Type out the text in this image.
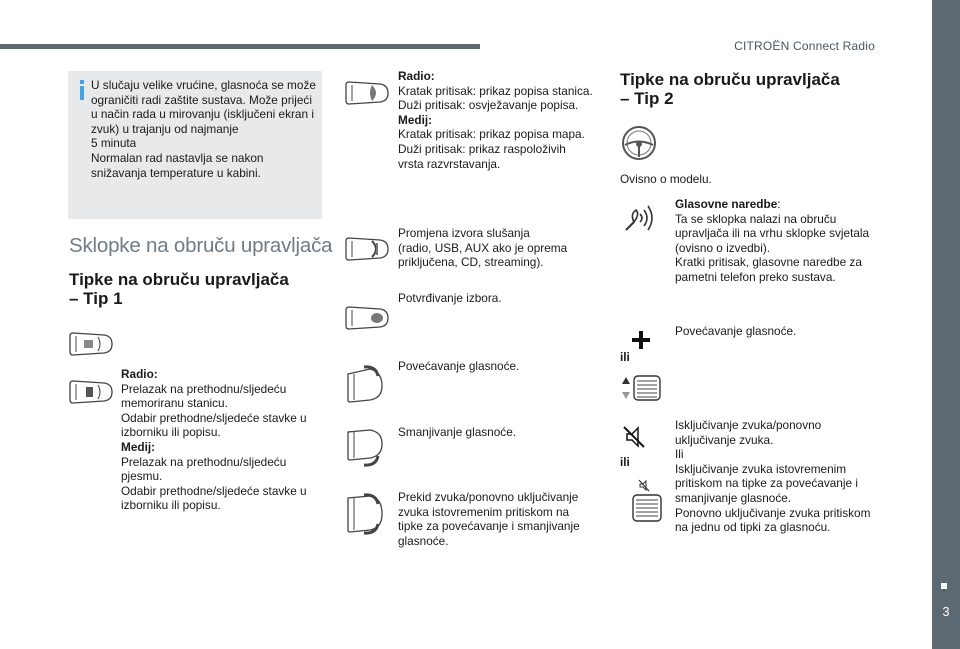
CITROËN Connect Radio
3
U slučaju velike vrućine, glasnoća se može ograničiti radi zaštite sustava. Može prijeći u način rada u mirovanju (isključeni ekran i zvuk) u trajanju od najmanje
5 minuta
Normalan rad nastavlja se nakon snižavanja temperature u kabini.
Sklopke na obruču upravljača
Tipke na obruču upravljača
– Tip 1
Radio:
Prelazak na prethodnu/sljedeću memoriranu stanicu.
Odabir prethodne/sljedeće stavke u izborniku ili popisu.
Medij:
Prelazak na prethodnu/sljedeću pjesmu.
Odabir prethodne/sljedeće stavke u izborniku ili popisu.
Radio:
Kratak pritisak: prikaz popisa stanica.
Duži pritisak: osvježavanje popisa.
Medij:
Kratak pritisak: prikaz popisa mapa.
Duži pritisak: prikaz raspoloživih vrsta razvrstavanja.
Promjena izvora slušanja
(radio, USB, AUX ako je oprema priključena, CD, streaming).
Potvrđivanje izbora.
Povećavanje glasnoće.
Smanjivanje glasnoće.
Prekid zvuka/ponovno uključivanje zvuka istovremenim pritiskom na tipke za povećavanje i smanjivanje glasnoće.
Tipke na obruču upravljača
– Tip 2
Ovisno o modelu.
Glasovne naredbe:
Ta se sklopka nalazi na obruču upravljača ili na vrhu sklopke svjetala (ovisno o izvedbi).
Kratki pritisak, glasovne naredbe za pametni telefon preko sustava.
Povećavanje glasnoće.
ili
ili
Isključivanje zvuka/ponovno uključivanje zvuka.
Ili
Isključivanje zvuka istovremenim pritiskom na tipke za povećavanje i smanjivanje glasnoće.
Ponovno uključivanje zvuka pritiskom na jednu od tipki za glasnoću.
